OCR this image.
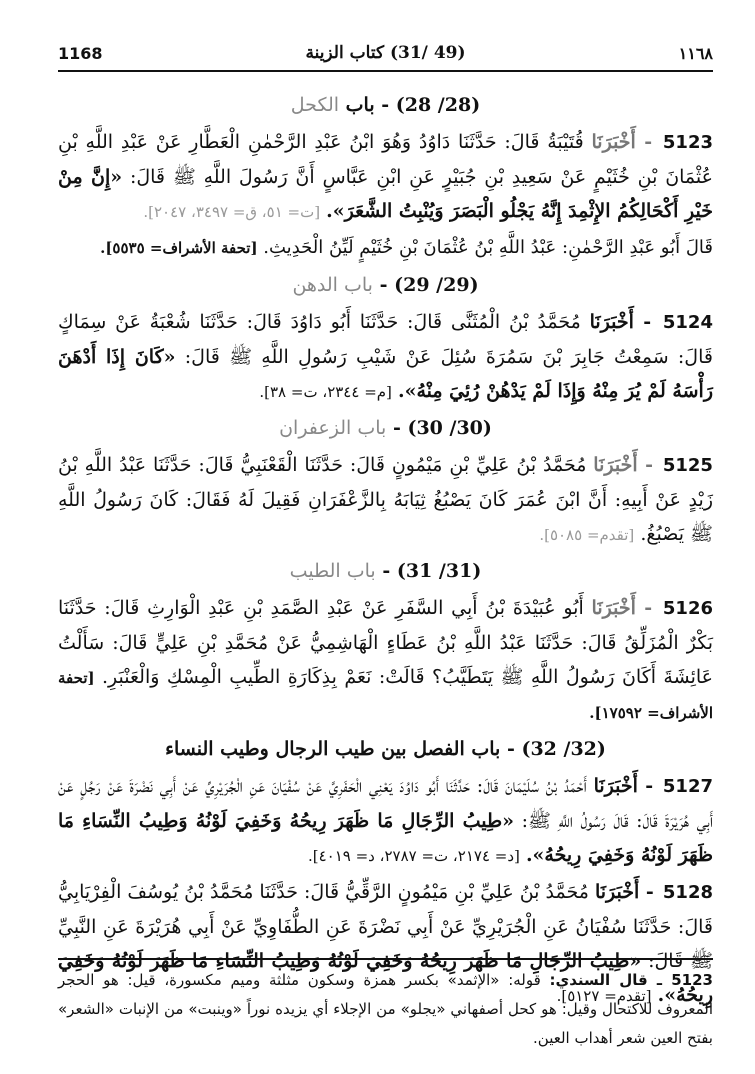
1168	(49 /31) كتاب الزينة	١١٦٨
(28/ 28) - باب الكحل

5123 - أَخْبَرَنَا قُتَيْبَةُ قَالَ: حَدَّثَنَا دَاوُدُ وَهُوَ ابْنُ عَبْدِ الرَّحْمٰنِ الْعَطَّارِ عَنْ عَبْدِ اللَّهِ بْنِ عُثْمَانَ بْنِ خُثَيْمٍ عَنْ سَعِيدِ بْنِ جُبَيْرٍ عَنِ ابْنِ عَبَّاسٍ أَنَّ رَسُولَ اللَّهِ ﷺ قَالَ: «إِنَّ مِنْ خَيْرِ أَكْحَالِكُمُ الإِثْمِدَ إِنَّهُ يَجْلُو الْبَصَرَ وَيُنْبِتُ الشَّعَرَ». [ت= ٥١، ق= ٣٤٩٧، ٢٠٤٧].

قَالَ أَبُو عَبْدِ الرَّحْمٰنِ: عَبْدُ اللَّهِ بْنُ عُثْمَانَ بْنِ خُثَيْمٍ لَيِّنُ الْحَدِيثِ. [تحفة الأشراف= ٥٥٣٥].

(29/ 29) - باب الدهن

5124 - أَخْبَرَنَا مُحَمَّدُ بْنُ الْمُثَنَّى قَالَ: حَدَّثَنَا أَبُو دَاوُدَ قَالَ: حَدَّثَنَا شُعْبَةُ عَنْ سِمَاكٍ قَالَ: سَمِعْتُ جَابِرَ بْنَ سَمُرَةَ سُئِلَ عَنْ شَيْبِ رَسُولِ اللَّهِ ﷺ قَالَ: «كَانَ إِذَا أَدْهَنَ رَأْسَهُ لَمْ يُرَ مِنْهُ وَإِذَا لَمْ يَدْهُنْ رُئِيَ مِنْهُ». [م= ٢٣٤٤، ت= ٣٨].

(30/ 30) - باب الزعفران

5125 - أَخْبَرَنَا مُحَمَّدُ بْنُ عَلِيِّ بْنِ مَيْمُونٍ قَالَ: حَدَّثَنَا الْقَعْنَبِيُّ قَالَ: حَدَّثَنَا عَبْدُ اللَّهِ بْنُ زَيْدٍ عَنْ أَبِيهِ: أَنَّ ابْنَ عُمَرَ كَانَ يَصْبُغُ ثِيَابَهُ بِالزَّعْفَرَانِ فَقِيلَ لَهُ فَقَالَ: كَانَ رَسُولُ اللَّهِ ﷺ يَصْبُغُ. [تقدم= ٥٠٨٥].

(31/ 31) - باب الطيب

5126 - أَخْبَرَنَا أَبُو عُبَيْدَةَ بْنُ أَبِي السَّفَرِ عَنْ عَبْدِ الصَّمَدِ بْنِ عَبْدِ الْوَارِثِ قَالَ: حَدَّثَنَا بَكْرٌ الْمُزَلِّقُ قَالَ: حَدَّثَنَا عَبْدُ اللَّهِ بْنُ عَطَاءٍ الْهَاشِمِيُّ عَنْ مُحَمَّدِ بْنِ عَلِيٍّ قَالَ: سَأَلْتُ عَائِشَةَ أَكَانَ رَسُولُ اللَّهِ ﷺ يَتَطَيَّبُ؟ قَالَتْ: نَعَمْ بِذِكَارَةِ الطِّيبِ الْمِسْكِ وَالْعَنْبَرِ. [تحفة الأشراف= ١٧٥٩٢].

(32/ 32) - باب الفصل بين طيب الرجال وطيب النساء

5127 - أَخْبَرَنَا أَحْمَدُ بْنُ سُلَيْمَانَ قَالَ: حَدَّثَنَا أَبُو دَاوُدَ يَعْنِي الْحَفَرِيَّ عَنْ سُفْيَانَ عَنِ الْجُرَيْرِيِّ عَنْ أَبِي نَضْرَةَ عَنْ رَجُلٍ عَنْ أَبِي هُرَيْرَةَ قَالَ: قَالَ رَسُولُ اللَّهِ ﷺ: «طِيبُ الرِّجَالِ مَا ظَهَرَ رِيحُهُ وَخَفِيَ لَوْنُهُ وَطِيبُ النِّسَاءِ مَا ظَهَرَ لَوْنُهُ وَخَفِيَ رِيحُهُ». [د= ٢١٧٤، ت= ٢٧٨٧، د= ٤٠١٩].

5128 - أَخْبَرَنَا مُحَمَّدُ بْنُ عَلِيِّ بْنِ مَيْمُونٍ الرَّقِّيُّ قَالَ: حَدَّثَنَا مُحَمَّدُ بْنُ يُوسُفَ الْفِرْيَابِيُّ قَالَ: حَدَّثَنَا سُفْيَانُ عَنِ الْجُرَيْرِيِّ عَنْ أَبِي نَضْرَةَ عَنِ الطُّفَاوِيِّ عَنْ أَبِي هُرَيْرَةَ عَنِ النَّبِيِّ ﷺ قَالَ: «طِيبُ الرِّجَالِ مَا ظَهَرَ رِيحُهُ وَخَفِيَ لَوْنُهُ وَطِيبُ النِّسَاءِ مَا ظَهَرَ لَوْنُهُ وَخَفِيَ رِيحُهُ». [تقدم= ٥١٢٧].

5123 ـ قال السندي: قوله: «الإثمد» بكسر همزة وسكون مثلثة وميم مكسورة، قيل: هو الحجر المعروف للاكتحال وقيل: هو كحل أصفهاني «يجلو» من الإجلاء أي يزيده نوراً «وينبت» من الإنبات «الشعر» بفتح العين شعر أهداب العين.
